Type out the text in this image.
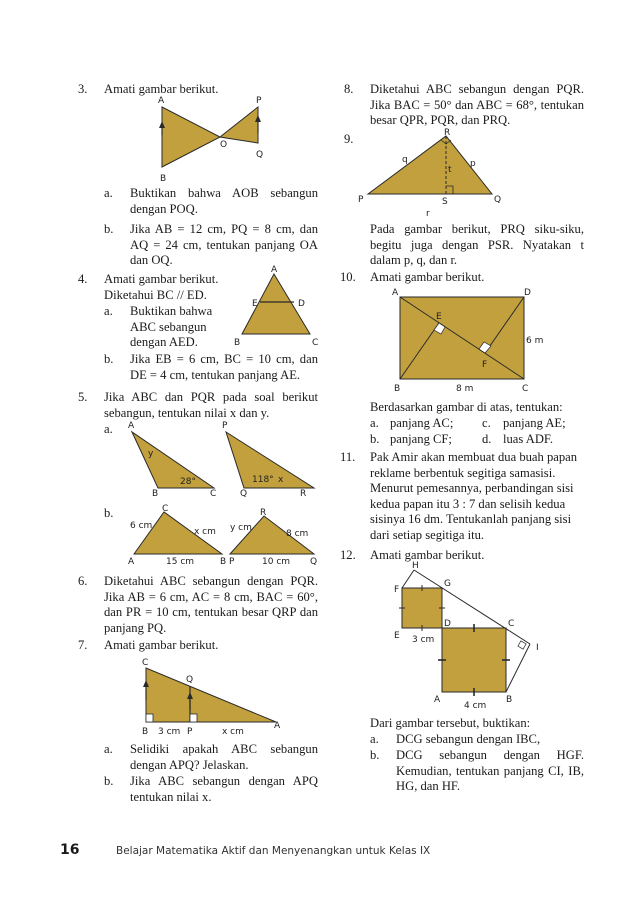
3. Amati gambar berikut.
A	P
O
B
Q
a. Buktikan bahwa AOB sebangun dengan POQ.
b. Jika AB = 12 cm, PQ = 8 cm, dan AQ = 24 cm, tentukan panjang OA dan OQ.
4. Amati gambar berikut.
Diketahui BC // ED.
a. Buktikan bahwa ABC sebangun dengan AED.
A
E	D
B	C
b. Jika EB = 6 cm, BC = 10 cm, dan DE = 4 cm, tentukan panjang AE.
5. Jika ABC dan PQR pada soal berikut sebangun, tentukan nilai x dan y.
a. A	P
y
28°
B	C	Q
118° x
R
b.	C	R
6 cm
x cm y cm
8 cm
A	15 cm	B P	10 cm Q
6. Diketahui ABC sebangun dengan PQR. Jika AB = 6 cm, AC = 8 cm, BAC = 60°, dan PR = 10 cm, tentukan besar QRP dan panjang PQ.
7. Amati gambar berikut.
C
Q
A
B 3 cm P	x cm
a. Selidiki apakah ABC sebangun dengan APQ? Jelaskan.
b. Jika ABC sebangun dengan APQ tentukan nilai x.
8. Diketahui ABC sebangun dengan PQR. Jika BAC = 50° dan ABC = 68°, tentukan besar QPR, PQR, dan PRQ.
9.	R
q	p
t
P	S	Q
r
Pada gambar berikut, PRQ siku-siku, begitu juga dengan PSR. Nyatakan t dalam p, q, dan r.
10. Amati gambar berikut.
A	D
E
6 m
F
B	8 m	C
Berdasarkan gambar di atas, tentukan:
a. panjang AC; c. panjang AE;
b. panjang CF; d. luas ADF.
11. Pak Amir akan membuat dua buah papan reklame berbentuk segitiga samasisi. Menurut pemesannya, perbandingan sisi kedua papan itu 3 : 7 dan selisih kedua sisinya 16 dm. Tentukanlah panjang sisi dari setiap segitiga itu.
12. Amati gambar berikut.
H
F
G
E 3 cm
D	C
I
A
4 cm
B
Dari gambar tersebut, buktikan:
a. DCG sebangun dengan IBC,
b. DCG sebangun dengan HGF. Kemudian, tentukan panjang CI, IB, HG, dan HF.
16	Belajar Matematika Aktif dan Menyenangkan untuk Kelas IX
